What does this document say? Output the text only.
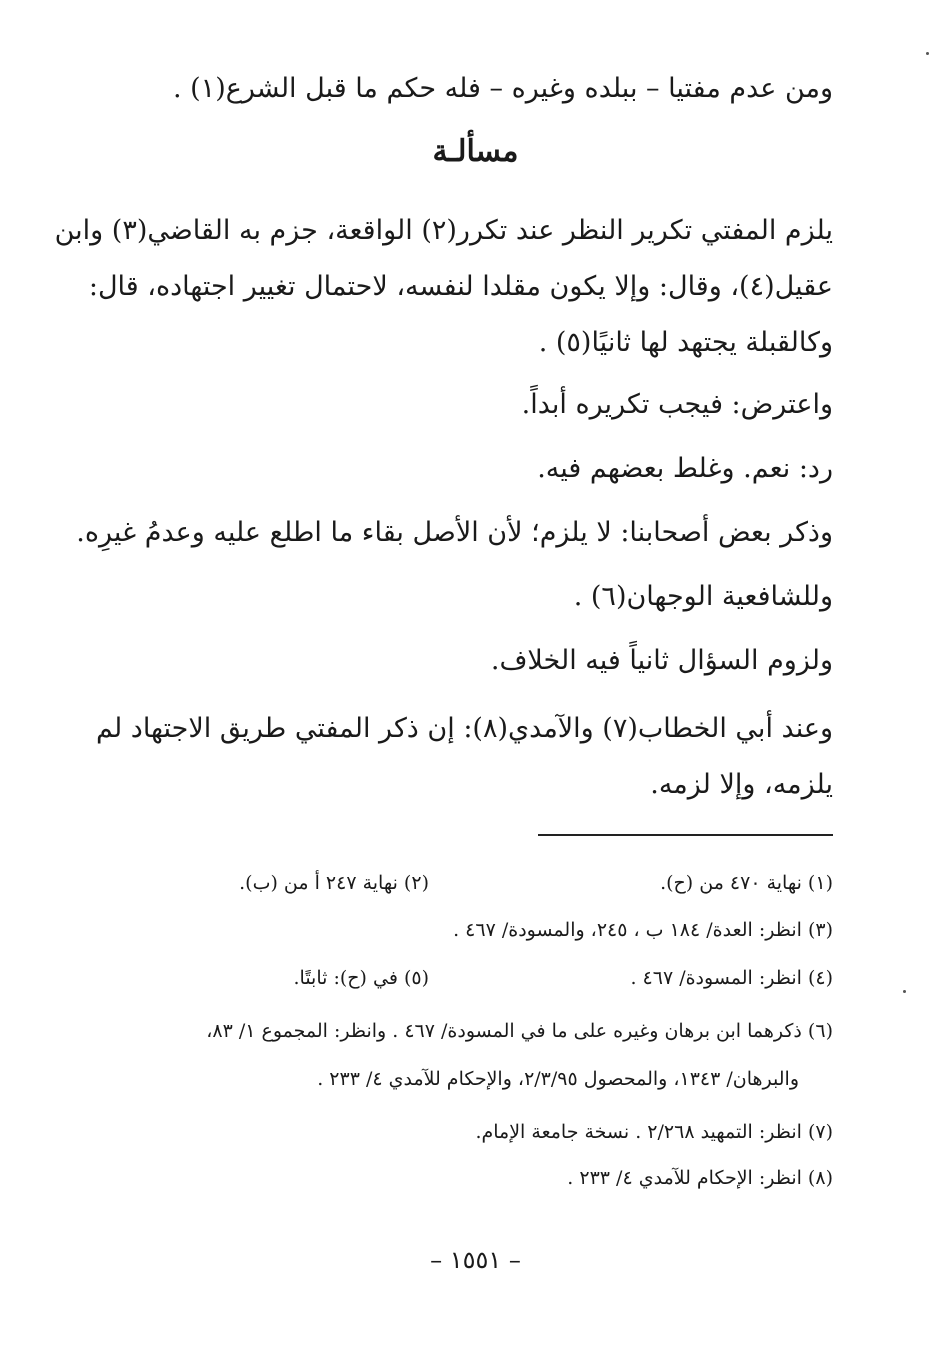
ومن عدم مفتيا – ببلده وغيره – فله حكم ما قبل الشرع(١) .
مسألـة
يلزم المفتي تكرير النظر عند تكرر(٢) الواقعة، جزم به القاضي(٣) وابن
عقيل(٤)، وقال: وإلا يكون مقلدا لنفسه، لاحتمال تغيير اجتهاده، قال:
وكالقبلة يجتهد لها ثانيًا(٥) .
واعترض: فيجب تكريره أبداً.
رد: نعم. وغلط بعضهم فيه.
وذكر بعض أصحابنا: لا يلزم؛ لأن الأصل بقاء ما اطلع عليه وعدمُ غيرِه.
وللشافعية الوجهان(٦) .
ولزوم السؤال ثانياً فيه الخلاف.
وعند أبي الخطاب(٧) والآمدي(٨): إن ذكر المفتي طريق الاجتهاد لم
يلزمه، وإلا لزمه.
(١) نهاية ٤٧٠ من (ح).
(٢) نهاية ٢٤٧ أ من (ب).
(٣) انظر: العدة/ ١٨٤ ب ، ٢٤٥، والمسودة/ ٤٦٧ .
(٤) انظر: المسودة/ ٤٦٧ .
(٥) في (ح): ثابتًا.
(٦) ذكرهما ابن برهان وغيره على ما في المسودة/ ٤٦٧ . وانظر: المجموع ١/ ٨٣،
والبرهان/ ١٣٤٣، والمحصول ٢/٣/٩٥، والإحكام للآمدي ٤/ ٢٣٣ .
(٧) انظر: التمهيد ٢/٢٦٨ . نسخة جامعة الإمام.
(٨) انظر: الإحكام للآمدي ٤/ ٢٣٣ .
– ١٥٥١ –
